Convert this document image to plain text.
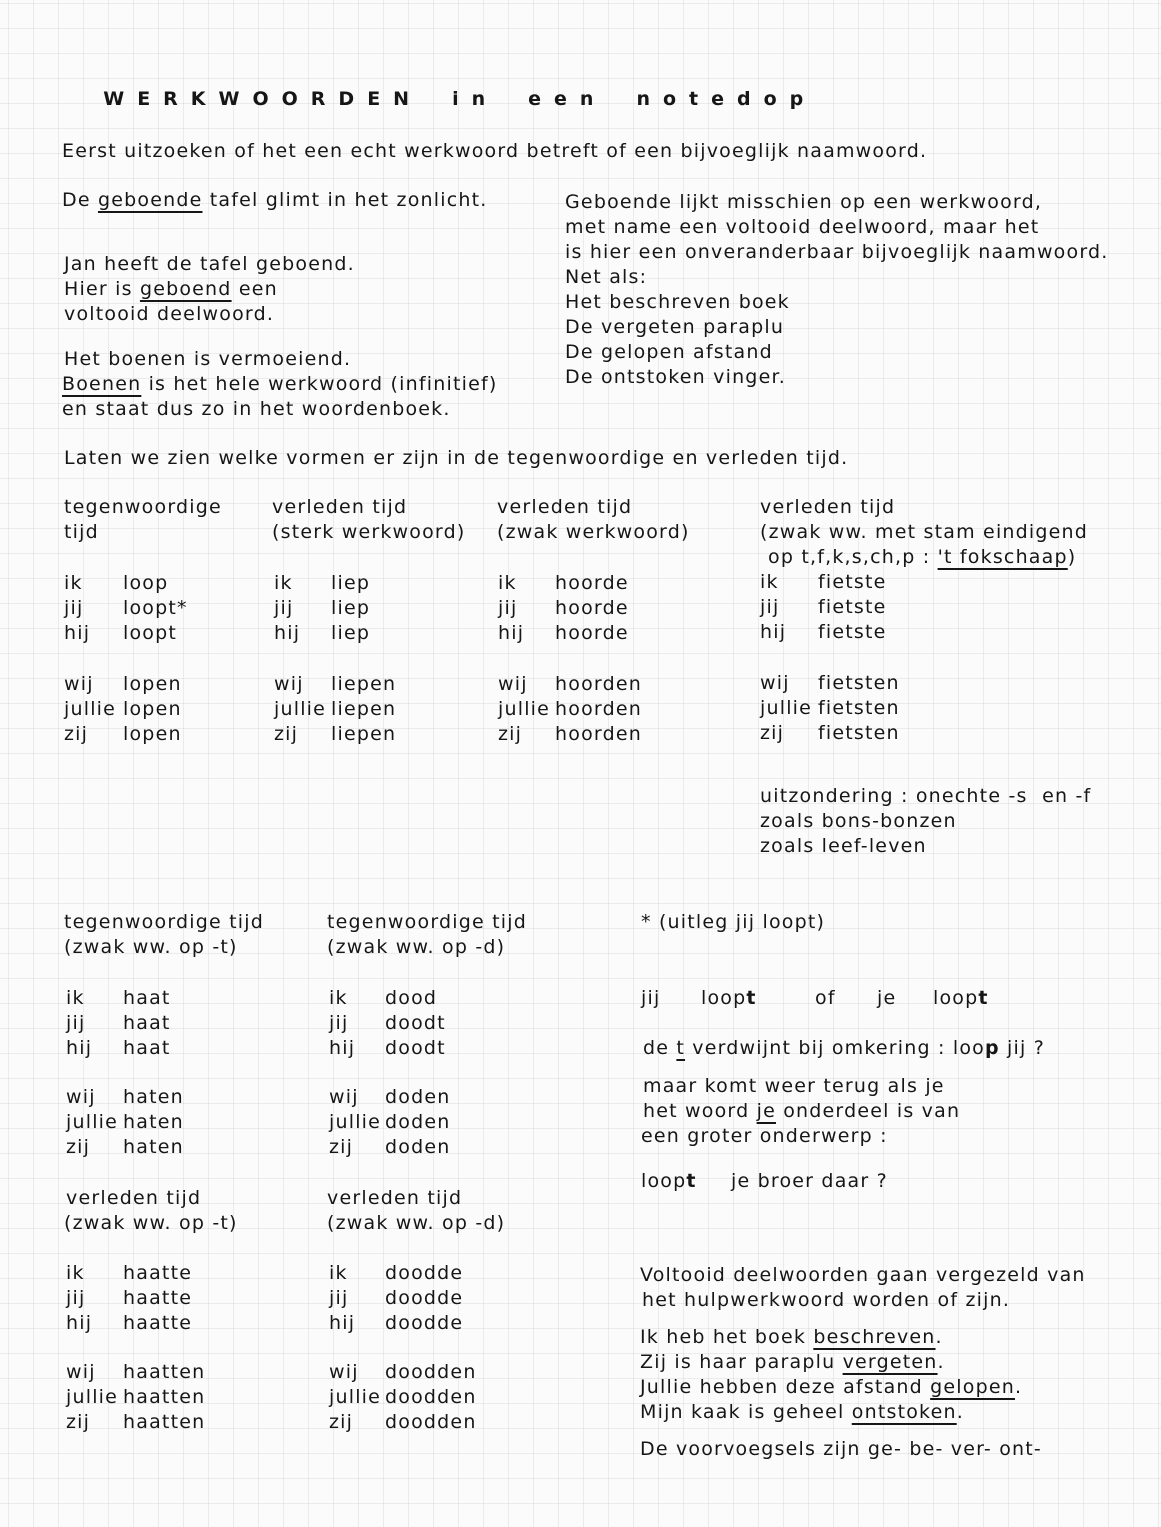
WERKWOORDEN in een notedop

Eerst uitzoeken of het een echt werkwoord betreft of een bijvoeglijk naamwoord.
De geboende tafel glimt in het zonlicht.
Jan heeft de tafel geboend.
Hier is geboend een
voltooid deelwoord.
Het boenen is vermoeiend.
Boenen is het hele werkwoord (infinitief)
en staat dus zo in het woordenboek.
Geboende lijkt misschien op een werkwoord,
met name een voltooid deelwoord, maar het
is hier een onveranderbaar bijvoeglijk naamwoord.
Net als:
Het beschreven boek
De vergeten paraplu
De gelopen afstand
De ontstoken vinger.
Laten we zien welke vormen er zijn in de tegenwoordige en verleden tijd.
tegenwoordige
tijd
verleden tijd
(sterk werkwoord)
verleden tijd
(zwak werkwoord)
verleden tijd
(zwak ww. met stam eindigend
op t,f,k,s,ch,p : 't fokschaap)
ik
jij
hij
wij
jullie
zij
loop
loopt*
loopt
lopen
lopen
lopen
ik
jij
hij
wij
jullie
zij
liep
liep
liep
liepen
liepen
liepen
ik
jij
hij
wij
jullie
zij
hoorde
hoorde
hoorde
hoorden
hoorden
hoorden
ik
jij
hij
wij
jullie
zij
fietste
fietste
fietste
fietsten
fietsten
fietsten
uitzondering : onechte -s  en -f
zoals bons-bonzen
zoals leef-leven
tegenwoordige tijd
(zwak ww. op -t)
tegenwoordige tijd
(zwak ww. op -d)
ik
jij
hij
wij
jullie
zij
haat
haat
haat
haten
haten
haten
ik
jij
hij
wij
jullie
zij
dood
doodt
doodt
doden
doden
doden
verleden tijd
(zwak ww. op -t)
verleden tijd
(zwak ww. op -d)
ik
jij
hij
wij
jullie
zij
haatte
haatte
haatte
haatten
haatten
haatten
ik
jij
hij
wij
jullie
zij
doodde
doodde
doodde
doodden
doodden
doodden
* (uitleg jij loopt)
jij loopt	of je loopt
de t verdwijnt bij omkering : loop jij ?
maar komt weer terug als je
het woord je onderdeel is van
een groter onderwerp :
loopt je broer daar ?
Voltooid deelwoorden gaan vergezeld van
het hulpwerkwoord worden of zijn.
Ik heb het boek beschreven.
Zij is haar paraplu vergeten.
Jullie hebben deze afstand gelopen.
Mijn kaak is geheel ontstoken.
De voorvoegsels zijn ge- be- ver- ont-
